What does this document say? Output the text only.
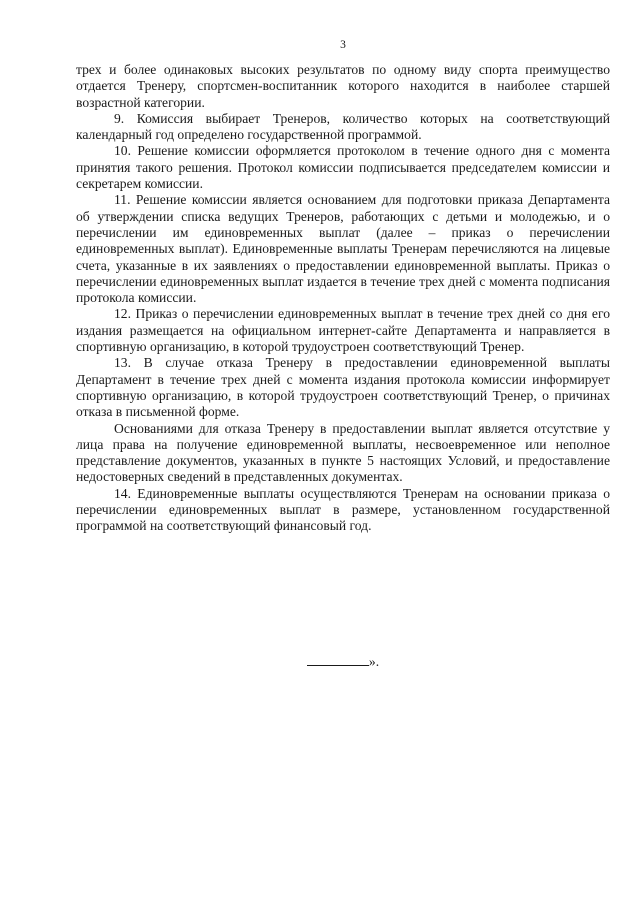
3

трех и более одинаковых высоких результатов по одному виду спорта преимущество отдается Тренеру, спортсмен-воспитанник которого находится в наиболее старшей возрастной категории.

9. Комиссия выбирает Тренеров, количество которых на соответствующий календарный год определено государственной программой.

10. Решение комиссии оформляется протоколом в течение одного дня с момента принятия такого решения. Протокол комиссии подписывается председателем комиссии и секретарем комиссии.

11. Решение комиссии является основанием для подготовки приказа Департамента об утверждении списка ведущих Тренеров, работающих с детьми и молодежью, и о перечислении им единовременных выплат (далее – приказ о перечислении единовременных выплат). Единовременные выплаты Тренерам перечисляются на лицевые счета, указанные в их заявлениях о предоставлении единовременной выплаты. Приказ о перечислении единовременных выплат издается в течение трех дней с момента подписания протокола комиссии.

12. Приказ о перечислении единовременных выплат в течение трех дней со дня его издания размещается на официальном интернет-сайте Департамента и направляется в спортивную организацию, в которой трудоустроен соответствующий Тренер.

13. В случае отказа Тренеру в предоставлении единовременной выплаты Департамент в течение трех дней с момента издания протокола комиссии информирует спортивную организацию, в которой трудоустроен соответствующий Тренер, о причинах отказа в письменной форме.

Основаниями для отказа Тренеру в предоставлении выплат является отсутствие у лица права на получение единовременной выплаты, несвоевременное или неполное представление документов, указанных в пункте 5 настоящих Условий, и предоставление недостоверных сведений в представленных документах.

14. Единовременные выплаты осуществляются Тренерам на основании приказа о перечислении единовременных выплат в размере, установленном государственной программой на соответствующий финансовый год.

».
